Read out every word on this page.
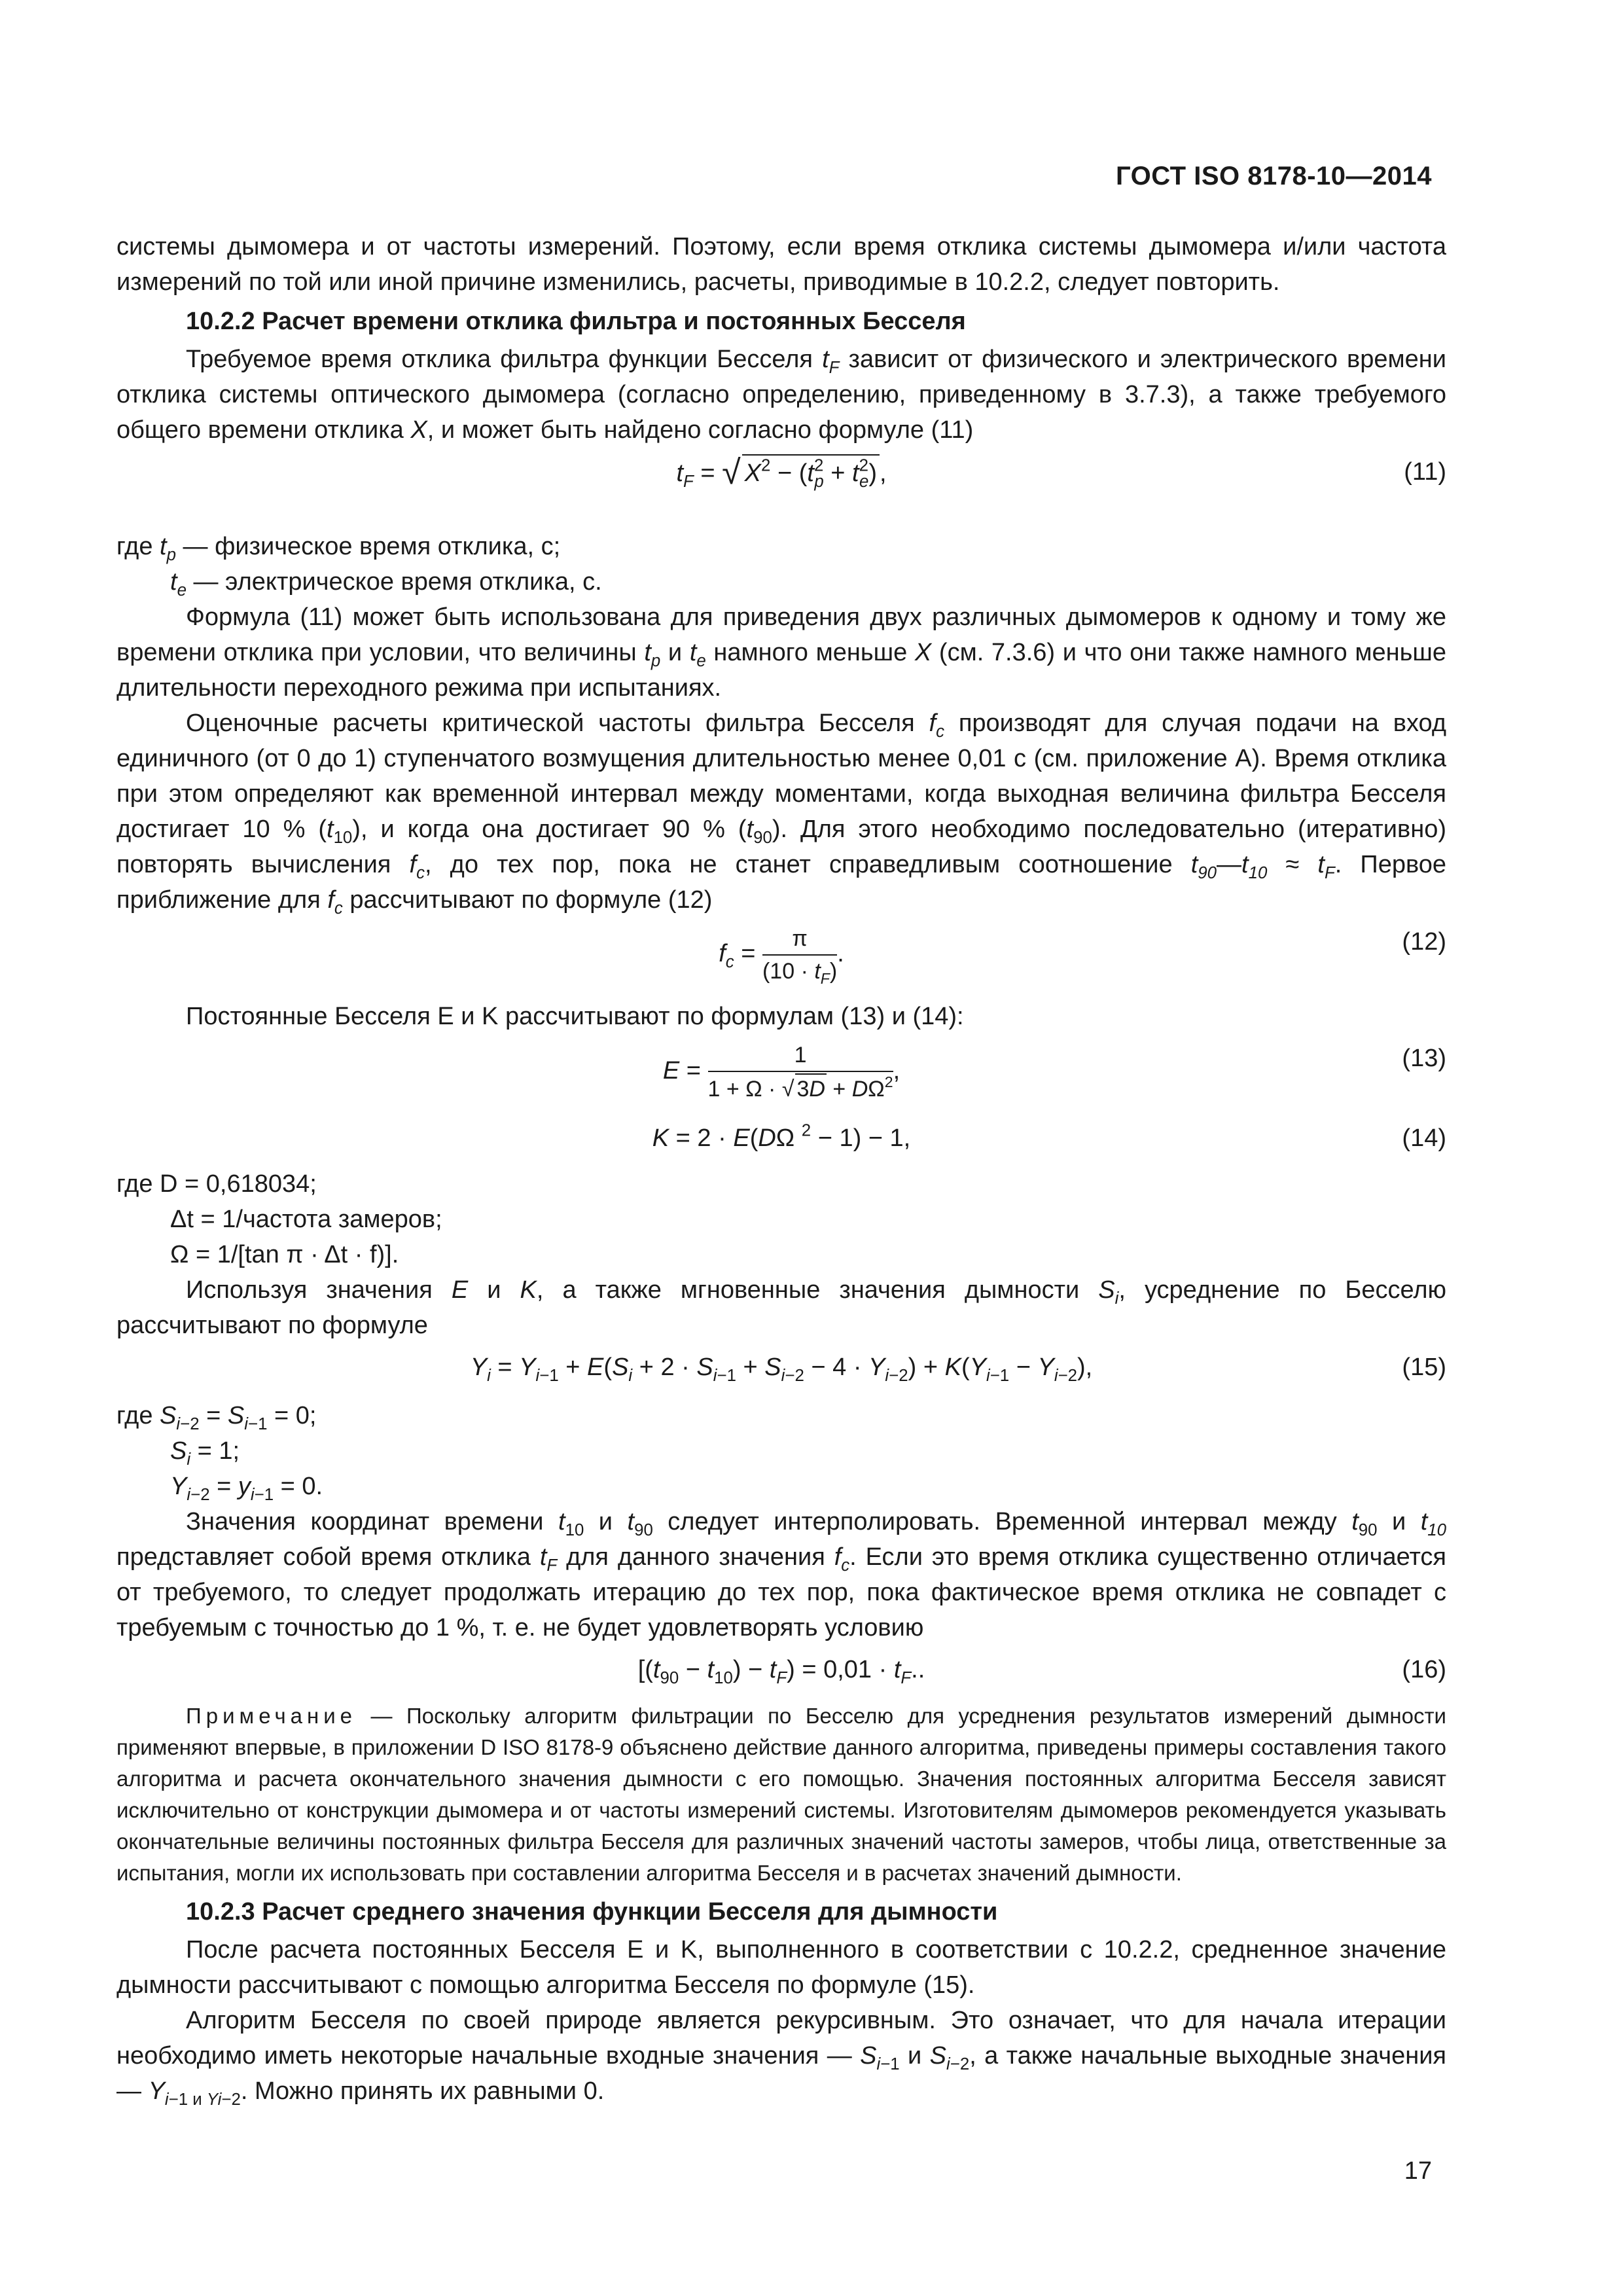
ГОСТ ISO 8178-10—2014

системы дымомера и от частоты измерений. Поэтому, если время отклика системы дымомера и/или частота измерений по той или иной причине изменились, расчеты, приводимые в 10.2.2, следует повторить.

10.2.2 Расчет времени отклика фильтра и постоянных Бесселя

Требуемое время отклика фильтра функции Бесселя $t_F$ зависит от физического и электрического времени отклика системы оптического дымомера (согласно определению, приведенному в 3.7.3), а также требуемого общего времени отклика X, и может быть найдено согласно формуле (11)

$t_F$ = √ $X^2 - (t^2_p + t^2_e)$ ,	(11)

где $t_p$ — физическое время отклика, с;

$t_e$ — электрическое время отклика, с.

Формула (11) может быть использована для приведения двух различных дымомеров к одному и тому же времени отклика при условии, что величины $t_p$ и $t_e$ намного меньше X (см. 7.3.6) и что они также намного меньше длительности переходного режима при испытаниях.

Оценочные расчеты критической частоты фильтра Бесселя $f_c$ производят для случая подачи на вход единичного (от 0 до 1) ступенчатого возмущения длительностью менее 0,01 с (см. приложение А). Время отклика при этом определяют как временной интервал между моментами, когда выходная величина фильтра Бесселя достигает 10 % $(t_{10})$, и когда она достигает 90 % $(t_{90})$. Для этого необходимо последовательно (итеративно) повторять вычисления $f_c$, до тех пор, пока не станет справедливым соотношение $t_{90}—t_{10} \approx t_F$. Первое приближение для $f_c$ рассчитывают по формуле (12)

$f_c = \frac{\pi}{(10 \cdot t_F)}$ .	(12)

Постоянные Бесселя E и K рассчитывают по формулам (13) и (14):

$E = \frac{1}{1 + \Omega \cdot √ 3D + D\Omega^2}$ ,	(13)
K = 2 · E(DΩ $^2$ − 1) − 1,	(14)

где D = 0,618034;

Δt = 1/частота замеров;

Ω = 1/[tan π · Δt · f)].

Используя значения E и K, а также мгновенные значения дымности $S_i$, усреднение по Бесселю рассчитывают по формуле

$Y_i = Y_{i-1} + E(S_i + 2 \cdot S_{i-1} + S_{i-2} - 4 \cdot Y_{i-2}) + K(Y_{i-1} - Y_{i-2})$,	(15)

где $S_{i-2} = S_{i-1} = 0$;

$S_i = 1$;

$Y_{i-2} = y_{i-1} = 0$.

Значения координат времени $t_{10}$ и $t_{90}$ следует интерполировать. Временной интервал между $t_{90}$ и $t_{10}$ представляет собой время отклика $t_F$ для данного значения $f_c$. Если это время отклика существенно отличается от требуемого, то следует продолжать итерацию до тех пор, пока фактическое время отклика не совпадет с требуемым с точностью до 1 %, т. е. не будет удовлетворять условию

$[(t_{90} - t_{10}) - t_F) = 0,01 \cdot t_F$..	(16)

Примечание — Поскольку алгоритм фильтрации по Бесселю для усреднения результатов измерений дымности применяют впервые, в приложении D ISO 8178-9 объяснено действие данного алгоритма, приведены примеры составления такого алгоритма и расчета окончательного значения дымности с его помощью. Значения постоянных алгоритма Бесселя зависят исключительно от конструкции дымомера и от частоты измерений системы. Изготовителям дымомеров рекомендуется указывать окончательные величины постоянных фильтра Бесселя для различных значений частоты замеров, чтобы лица, ответственные за испытания, могли их использовать при составлении алгоритма Бесселя и в расчетах значений дымности.

10.2.3 Расчет среднего значения функции Бесселя для дымности

После расчета постоянных Бесселя E и K, выполненного в соответствии с 10.2.2, средненное значение дымности рассчитывают с помощью алгоритма Бесселя по формуле (15).

Алгоритм Бесселя по своей природе является рекурсивным. Это означает, что для начала итерации необходимо иметь некоторые начальные входные значения — $S_{i-1}$ и $S_{i-2}$, а также начальные выходные значения — $Y_{i-1 и Yi-2}$. Можно принять их равными 0.

17
